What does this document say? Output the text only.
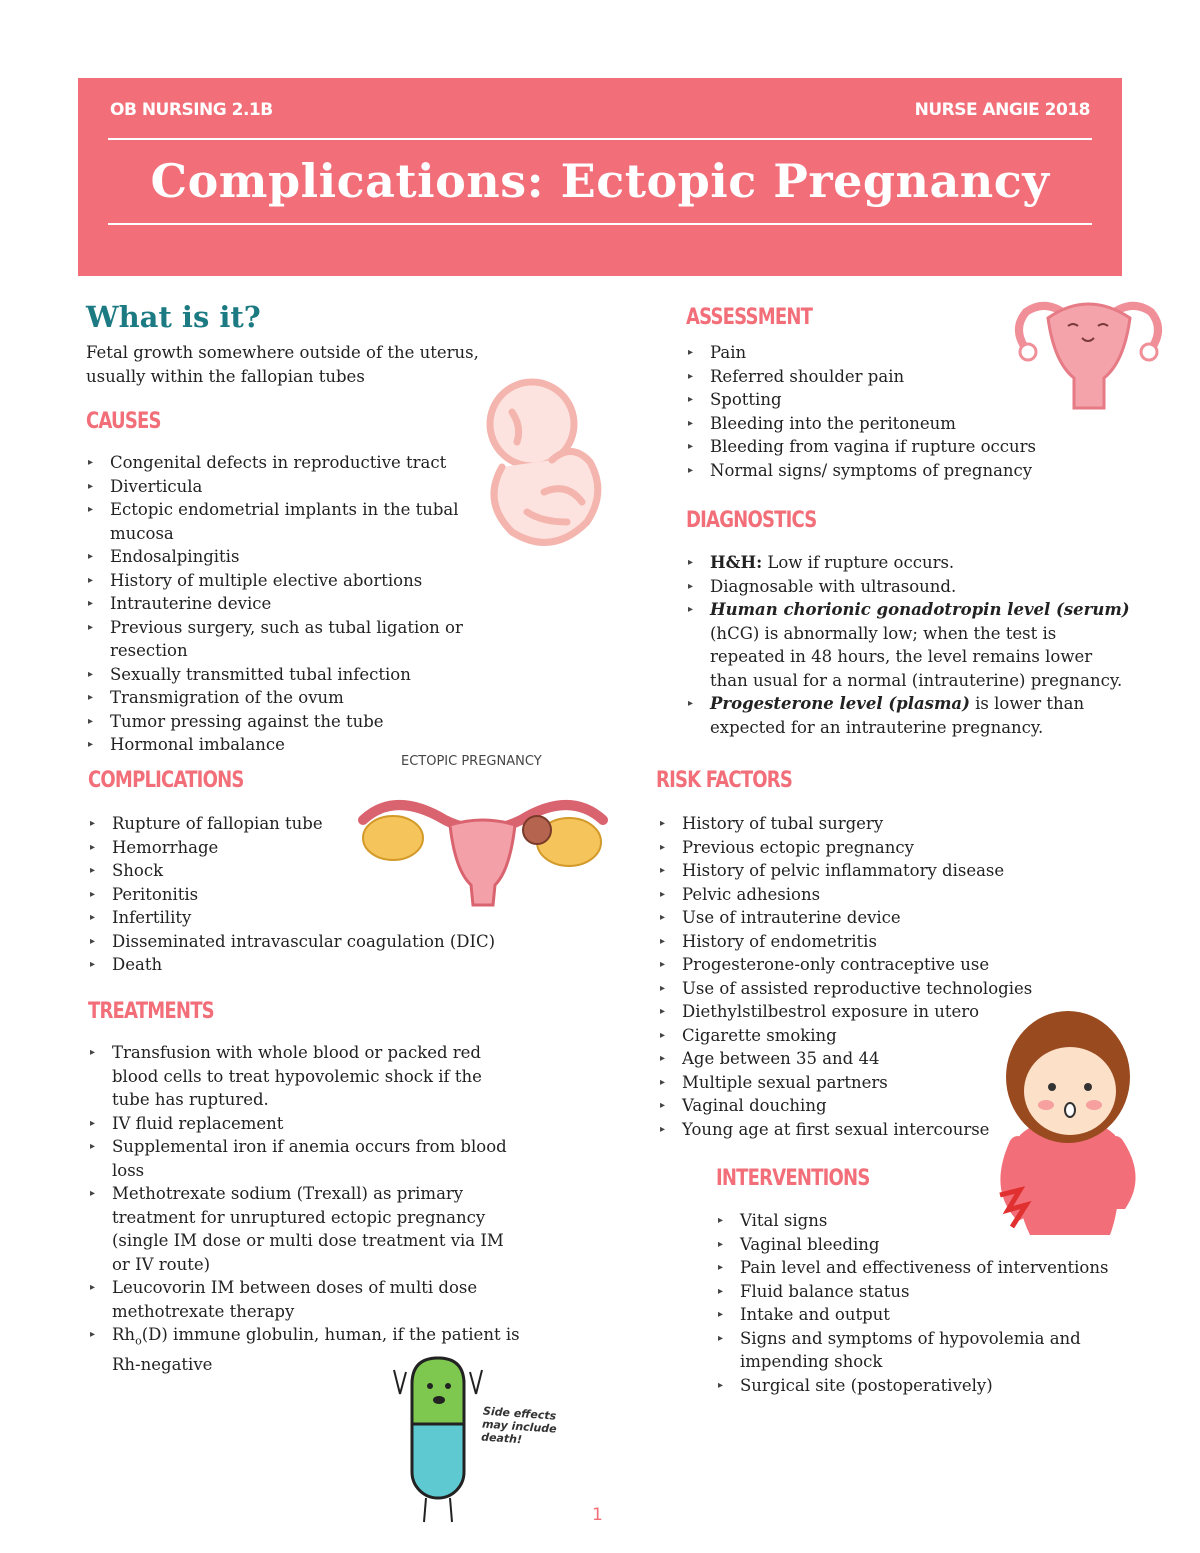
OB NURSING 2.1B	NURSE ANGIE 2018
Complications: Ectopic Pregnancy
What is it?
Fetal growth somewhere outside of the uterus,
usually within the fallopian tubes
CAUSES
▸ Congenital defects in reproductive tract
▸ Diverticula
▸ Ectopic endometrial implants in the tubal mucosa
▸ Endosalpingitis
▸ History of multiple elective abortions
▸ Intrauterine device
▸ Previous surgery, such as tubal ligation or resection
▸ Sexually transmitted tubal infection
▸ Transmigration of the ovum
▸ Tumor pressing against the tube
▸ Hormonal imbalance
COMPLICATIONS
ECTOPIC PREGNANCY
▸ Rupture of fallopian tube
▸ Hemorrhage
▸ Shock
▸ Peritonitis
▸ Infertility
▸ Disseminated intravascular coagulation (DIC)
▸ Death
TREATMENTS
▸ Transfusion with whole blood or packed red blood cells to treat hypovolemic shock if the tube has ruptured.
▸ IV fluid replacement
▸ Supplemental iron if anemia occurs from blood loss
▸ Methotrexate sodium (Trexall) as primary treatment for unruptured ectopic pregnancy (single IM dose or multi dose treatment via IM or IV route)
▸ Leucovorin IM between doses of multi dose methotrexate therapy
▸ $Rh_o(D)$ immune globulin, human, if the patient is Rh-negative
Side effects may include death!
ASSESSMENT
▸ Pain
▸ Referred shoulder pain
▸ Spotting
▸ Bleeding into the peritoneum
▸ Bleeding from vagina if rupture occurs
▸ Normal signs/ symptoms of pregnancy
DIAGNOSTICS
▸ H&H: Low if rupture occurs.
▸ Diagnosable with ultrasound.
▸ Human chorionic gonadotropin level (serum) (hCG) is abnormally low; when the test is repeated in 48 hours, the level remains lower than usual for a normal (intrauterine) pregnancy.
▸ Progesterone level (plasma) is lower than expected for an intrauterine pregnancy.
RISK FACTORS
▸ History of tubal surgery
▸ Previous ectopic pregnancy
▸ History of pelvic inflammatory disease
▸ Pelvic adhesions
▸ Use of intrauterine device
▸ History of endometritis
▸ Progesterone-only contraceptive use
▸ Use of assisted reproductive technologies
▸ Diethylstilbestrol exposure in utero
▸ Cigarette smoking
▸ Age between 35 and 44
▸ Multiple sexual partners
▸ Vaginal douching
▸ Young age at first sexual intercourse
INTERVENTIONS
▸ Vital signs
▸ Vaginal bleeding
▸ Pain level and effectiveness of interventions
▸ Fluid balance status
▸ Intake and output
▸ Signs and symptoms of hypovolemia and impending shock
▸ Surgical site (postoperatively)
1
